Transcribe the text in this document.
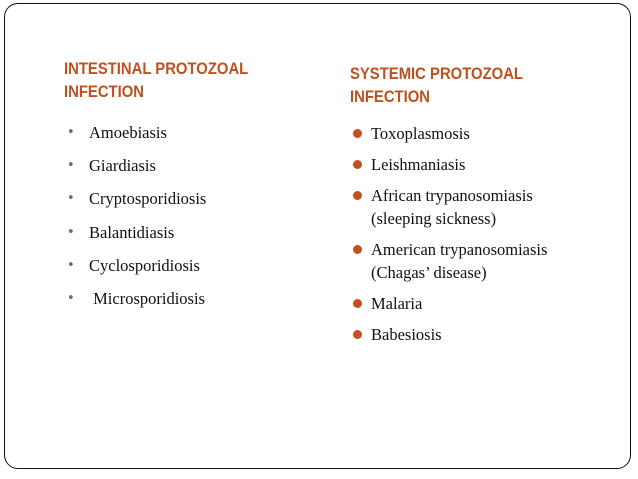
INTESTINAL PROTOZOAL
INFECTION
SYSTEMIC PROTOZOAL
INFECTION
• Amoebiasis
• Giardiasis
• Cryptosporidiosis
• Balantidiasis
• Cyclosporidiosis
• Microsporidiosis
Toxoplasmosis
Leishmaniasis
African trypanosomiasis
(sleeping sickness)
American trypanosomiasis
(Chagas’ disease)
Malaria
Babesiosis
